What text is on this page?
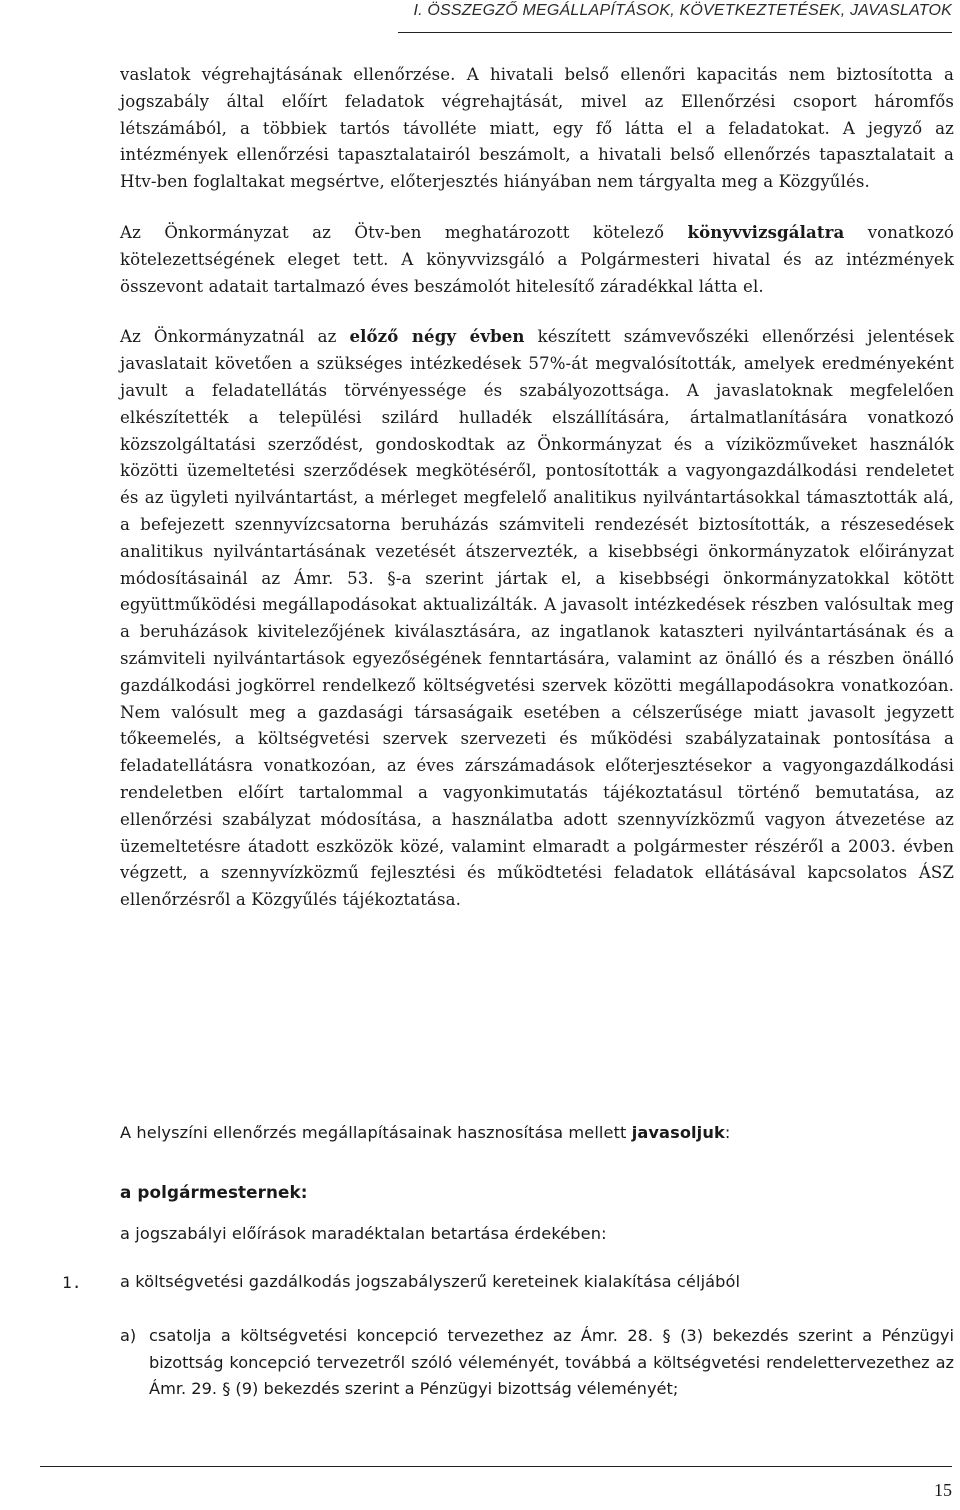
I. ÖSSZEGZŐ MEGÁLLAPÍTÁSOK, KÖVETKEZTETÉSEK, JAVASLATOK

vaslatok végrehajtásának ellenőrzése. A hivatali belső ellenőri kapacitás nem biztosította a jogszabály által előírt feladatok végrehajtását, mivel az Ellenőrzési csoport háromfős létszámából, a többiek tartós távolléte miatt, egy fő látta el a feladatokat. A jegyző az intézmények ellenőrzési tapasztalatairól beszámolt, a hivatali belső ellenőrzés tapasztalatait a Htv-ben foglaltakat megsértve, előterjesztés hiányában nem tárgyalta meg a Közgyűlés.

Az Önkormányzat az Ötv-ben meghatározott kötelező könyvvizsgálatra vonatkozó kötelezettségének eleget tett. A könyvvizsgáló a Polgármesteri hivatal és az intézmények összevont adatait tartalmazó éves beszámolót hitelesítő záradékkal látta el.

Az Önkormányzatnál az előző négy évben készített számvevőszéki ellenőrzési jelentések javaslatait követően a szükséges intézkedések 57%-át megvalósították, amelyek eredményeként javult a feladatellátás törvényessége és szabályozottsága. A javaslatoknak megfelelően elkészítették a települési szilárd hulladék elszállítására, ártalmatlanítására vonatkozó közszolgáltatási szerződést, gondoskodtak az Önkormányzat és a víziközműveket használók közötti üzemeltetési szerződések megkötéséről, pontosították a vagyongazdálkodási rendeletet és az ügyleti nyilvántartást, a mérleget megfelelő analitikus nyilvántartásokkal támasztották alá, a befejezett szennyvízcsatorna beruházás számviteli rendezését biztosították, a részesedések analitikus nyilvántartásának vezetését átszervezték, a kisebbségi önkormányzatok előirányzat módosításainál az Ámr. 53. §-a szerint jártak el, a kisebbségi önkormányzatokkal kötött együttműködési megállapodásokat aktualizálták. A javasolt intézkedések részben valósultak meg a beruházások kivitelezőjének kiválasztására, az ingatlanok kataszteri nyilvántartásának és a számviteli nyilvántartások egyezőségének fenntartására, valamint az önálló és a részben önálló gazdálkodási jogkörrel rendelkező költségvetési szervek közötti megállapodásokra vonatkozóan. Nem valósult meg a gazdasági társaságaik esetében a célszerűsége miatt javasolt jegyzett tőkeemelés, a költségvetési szervek szervezeti és működési szabályzatainak pontosítása a feladatellátásra vonatkozóan, az éves zárszámadások előterjesztésekor a vagyongazdálkodási rendeletben előírt tartalommal a vagyonkimutatás tájékoztatásul történő bemutatása, az ellenőrzési szabályzat módosítása, a használatba adott szennyvízközmű vagyon átvezetése az üzemeltetésre átadott eszközök közé, valamint elmaradt a polgármester részéről a 2003. évben végzett, a szennyvízközmű fejlesztési és működtetési feladatok ellátásával kapcsolatos ÁSZ ellenőrzésről a Közgyűlés tájékoztatása.

A helyszíni ellenőrzés megállapításainak hasznosítása mellett javasoljuk:

a polgármesternek:

a jogszabályi előírások maradéktalan betartása érdekében:

1. a költségvetési gazdálkodás jogszabályszerű kereteinek kialakítása céljából

a) csatolja a költségvetési koncepció tervezethez az Ámr. 28. § (3) bekezdés szerint a Pénzügyi bizottság koncepció tervezetről szóló véleményét, továbbá a költségvetési rendelettervezethez az Ámr. 29. § (9) bekezdés szerint a Pénzügyi bizottság véleményét;
15
